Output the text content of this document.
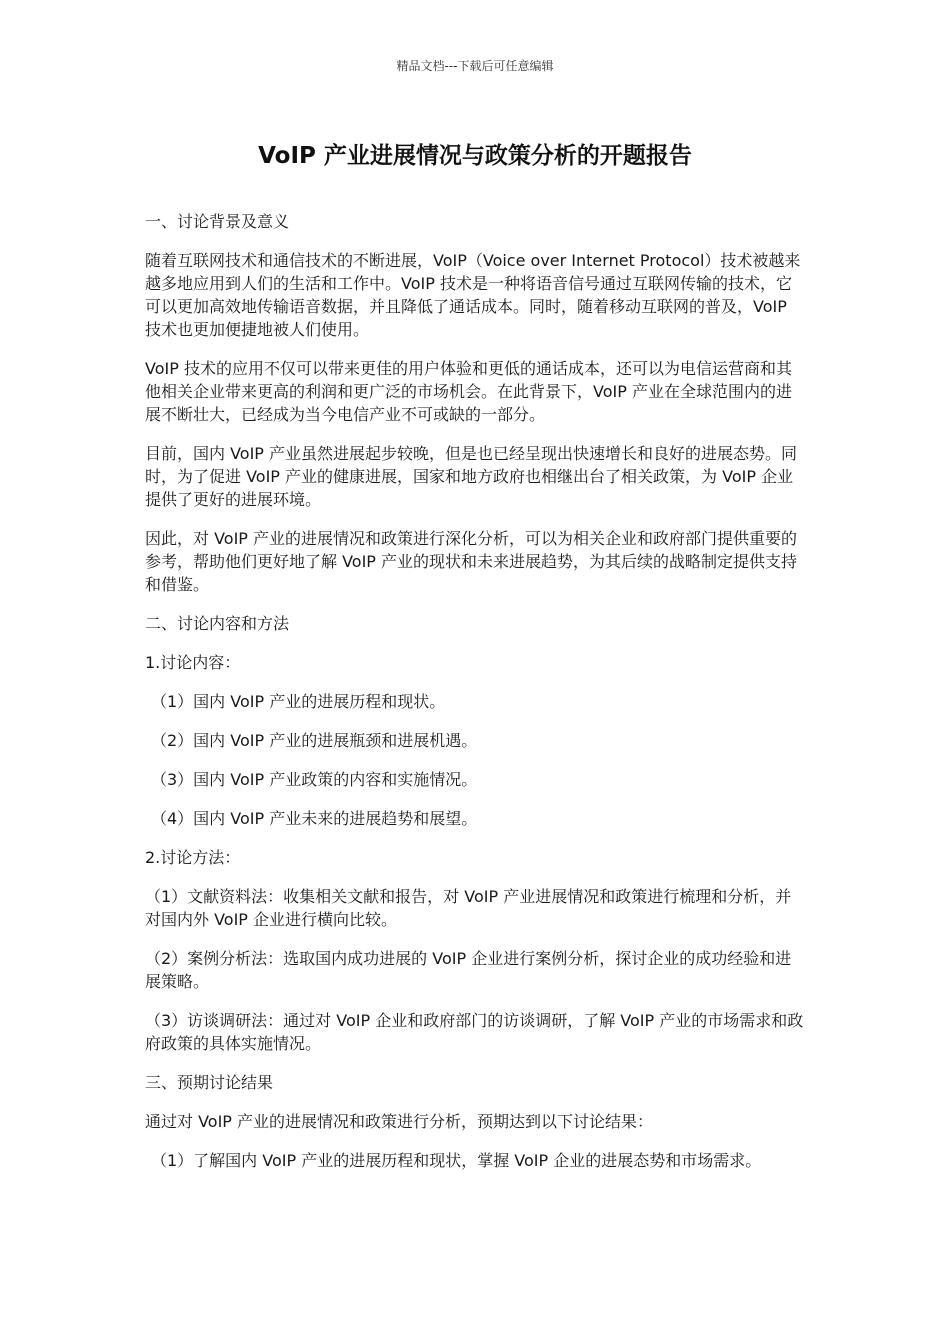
精品文档---下载后可任意编辑
VoIP 产业进展情况与政策分析的开题报告

一、讨论背景及意义

随着互联网技术和通信技术的不断进展，VoIP（Voice over Internet Protocol）技术被越来越多地应用到人们的生活和工作中。VoIP 技术是一种将语音信号通过互联网传输的技术，它可以更加高效地传输语音数据，并且降低了通话成本。同时，随着移动互联网的普及，VoIP 技术也更加便捷地被人们使用。

VoIP 技术的应用不仅可以带来更佳的用户体验和更低的通话成本，还可以为电信运营商和其他相关企业带来更高的利润和更广泛的市场机会。在此背景下，VoIP 产业在全球范围内的进展不断壮大，已经成为当今电信产业不可或缺的一部分。

目前，国内 VoIP 产业虽然进展起步较晚，但是也已经呈现出快速增长和良好的进展态势。同时，为了促进 VoIP 产业的健康进展，国家和地方政府也相继出台了相关政策，为 VoIP 企业提供了更好的进展环境。

因此，对 VoIP 产业的进展情况和政策进行深化分析，可以为相关企业和政府部门提供重要的参考，帮助他们更好地了解 VoIP 产业的现状和未来进展趋势，为其后续的战略制定提供支持和借鉴。

二、讨论内容和方法

1.讨论内容：

（1）国内 VoIP 产业的进展历程和现状。

（2）国内 VoIP 产业的进展瓶颈和进展机遇。

（3）国内 VoIP 产业政策的内容和实施情况。

（4）国内 VoIP 产业未来的进展趋势和展望。

2.讨论方法：

（1）文献资料法：收集相关文献和报告，对 VoIP 产业进展情况和政策进行梳理和分析，并对国内外 VoIP 企业进行横向比较。

（2）案例分析法：选取国内成功进展的 VoIP 企业进行案例分析，探讨企业的成功经验和进展策略。

（3）访谈调研法：通过对 VoIP 企业和政府部门的访谈调研，了解 VoIP 产业的市场需求和政府政策的具体实施情况。

三、预期讨论结果

通过对 VoIP 产业的进展情况和政策进行分析，预期达到以下讨论结果：

（1）了解国内 VoIP 产业的进展历程和现状，掌握 VoIP 企业的进展态势和市场需求。
